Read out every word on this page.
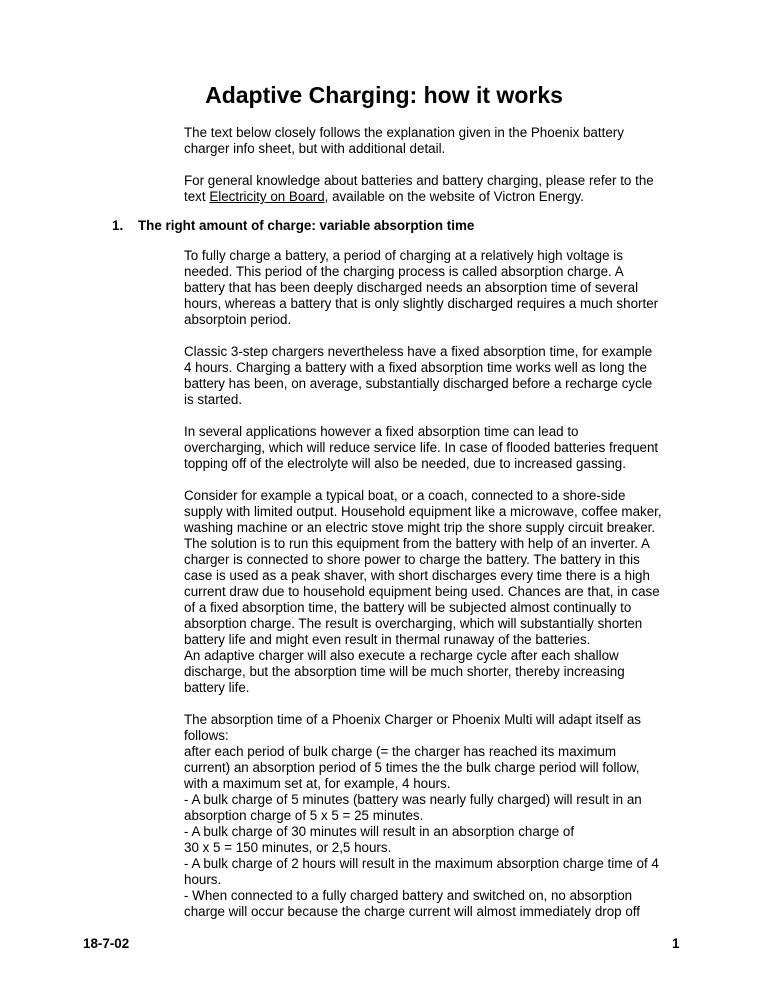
Adaptive Charging: how it works

The text below closely follows the explanation given in the Phoenix battery charger info sheet, but with additional detail.

For general knowledge about batteries and battery charging, please refer to the text Electricity on Board, available on the website of Victron Energy.

1. The right amount of charge: variable absorption time

To fully charge a battery, a period of charging at a relatively high voltage is needed. This period of the charging process is called absorption charge. A battery that has been deeply discharged needs an absorption time of several hours, whereas a battery that is only slightly discharged requires a much shorter absorptoin period.

Classic 3-step chargers nevertheless have a fixed absorption time, for example 4 hours. Charging a battery with a fixed absorption time works well as long the battery has been, on average, substantially discharged before a recharge cycle is started.

In several applications however a fixed absorption time can lead to overcharging, which will reduce service life. In case of flooded batteries frequent topping off of the electrolyte will also be needed, due to increased gassing.

Consider for example a typical boat, or a coach, connected to a shore-side supply with limited output. Household equipment like a microwave, coffee maker, washing machine or an electric stove might trip the shore supply circuit breaker. The solution is to run this equipment from the battery with help of an inverter. A charger is connected to shore power to charge the battery. The battery in this case is used as a peak shaver, with short discharges every time there is a high current draw due to household equipment being used. Chances are that, in case of a fixed absorption time, the battery will be subjected almost continually to absorption charge. The result is overcharging, which will substantially shorten battery life and might even result in thermal runaway of the batteries.

An adaptive charger will also execute a recharge cycle after each shallow discharge, but the absorption time will be much shorter, thereby increasing battery life.

The absorption time of a Phoenix Charger or Phoenix Multi will adapt itself as follows:

after each period of bulk charge (= the charger has reached its maximum current) an absorption period of 5 times the the bulk charge period will follow, with a maximum set at, for example, 4 hours.

- A bulk charge of 5 minutes (battery was nearly fully charged) will result in an absorption charge of 5 x 5 = 25 minutes.

- A bulk charge of 30 minutes will result in an absorption charge of

30 x 5 = 150 minutes, or 2,5 hours.

- A bulk charge of 2 hours will result in the maximum absorption charge time of 4 hours.

- When connected to a fully charged battery and switched on, no absorption charge will occur because the charge current will almost immediately drop off

18-7-02	1
